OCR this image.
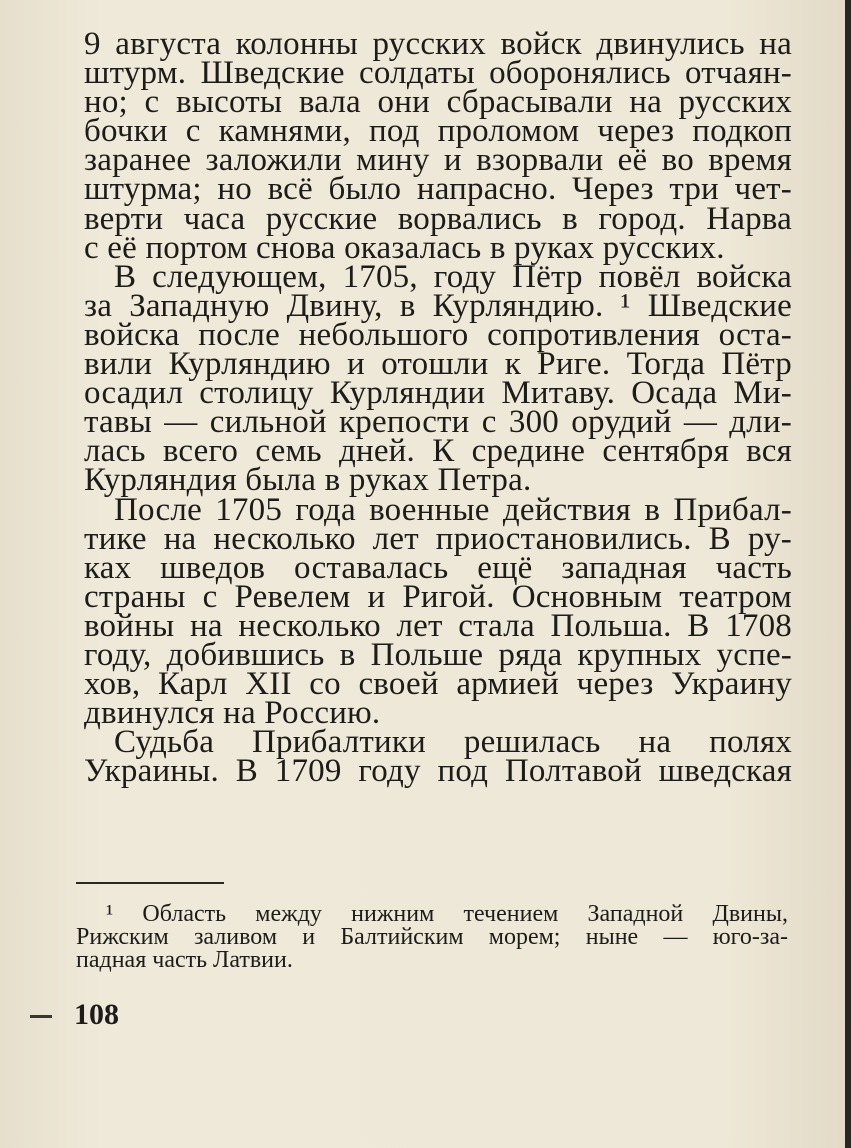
9 августа колонны русских войск двинулись на
штурм. Шведские солдаты оборонялись отчаян-
но; с высоты вала они сбрасывали на русских
бочки с камнями, под проломом через подкоп
заранее заложили мину и взорвали её во время
штурма; но всё было напрасно. Через три чет-
верти часа русские ворвались в город. Нарва
с её портом снова оказалась в руках русских.
В следующем, 1705, году Пётр повёл войска
за Западную Двину, в Курляндию. ¹ Шведские
войска после небольшого сопротивления оста-
вили Курляндию и отошли к Риге. Тогда Пётр
осадил столицу Курляндии Митаву. Осада Ми-
тавы — сильной крепости с 300 орудий — дли-
лась всего семь дней. К средине сентября вся
Курляндия была в руках Петра.
После 1705 года военные действия в Прибал-
тике на несколько лет приостановились. В ру-
ках шведов оставалась ещё западная часть
страны с Ревелем и Ригой. Основным театром
войны на несколько лет стала Польша. В 1708
году, добившись в Польше ряда крупных успе-
хов, Карл XII со своей армией через Украину
двинулся на Россию.
Судьба Прибалтики решилась на полях
Украины. В 1709 году под Полтавой шведская
¹ Область между нижним течением Западной Двины,
Рижским заливом и Балтийским морем; ныне — юго-за-
падная часть Латвии.
108
